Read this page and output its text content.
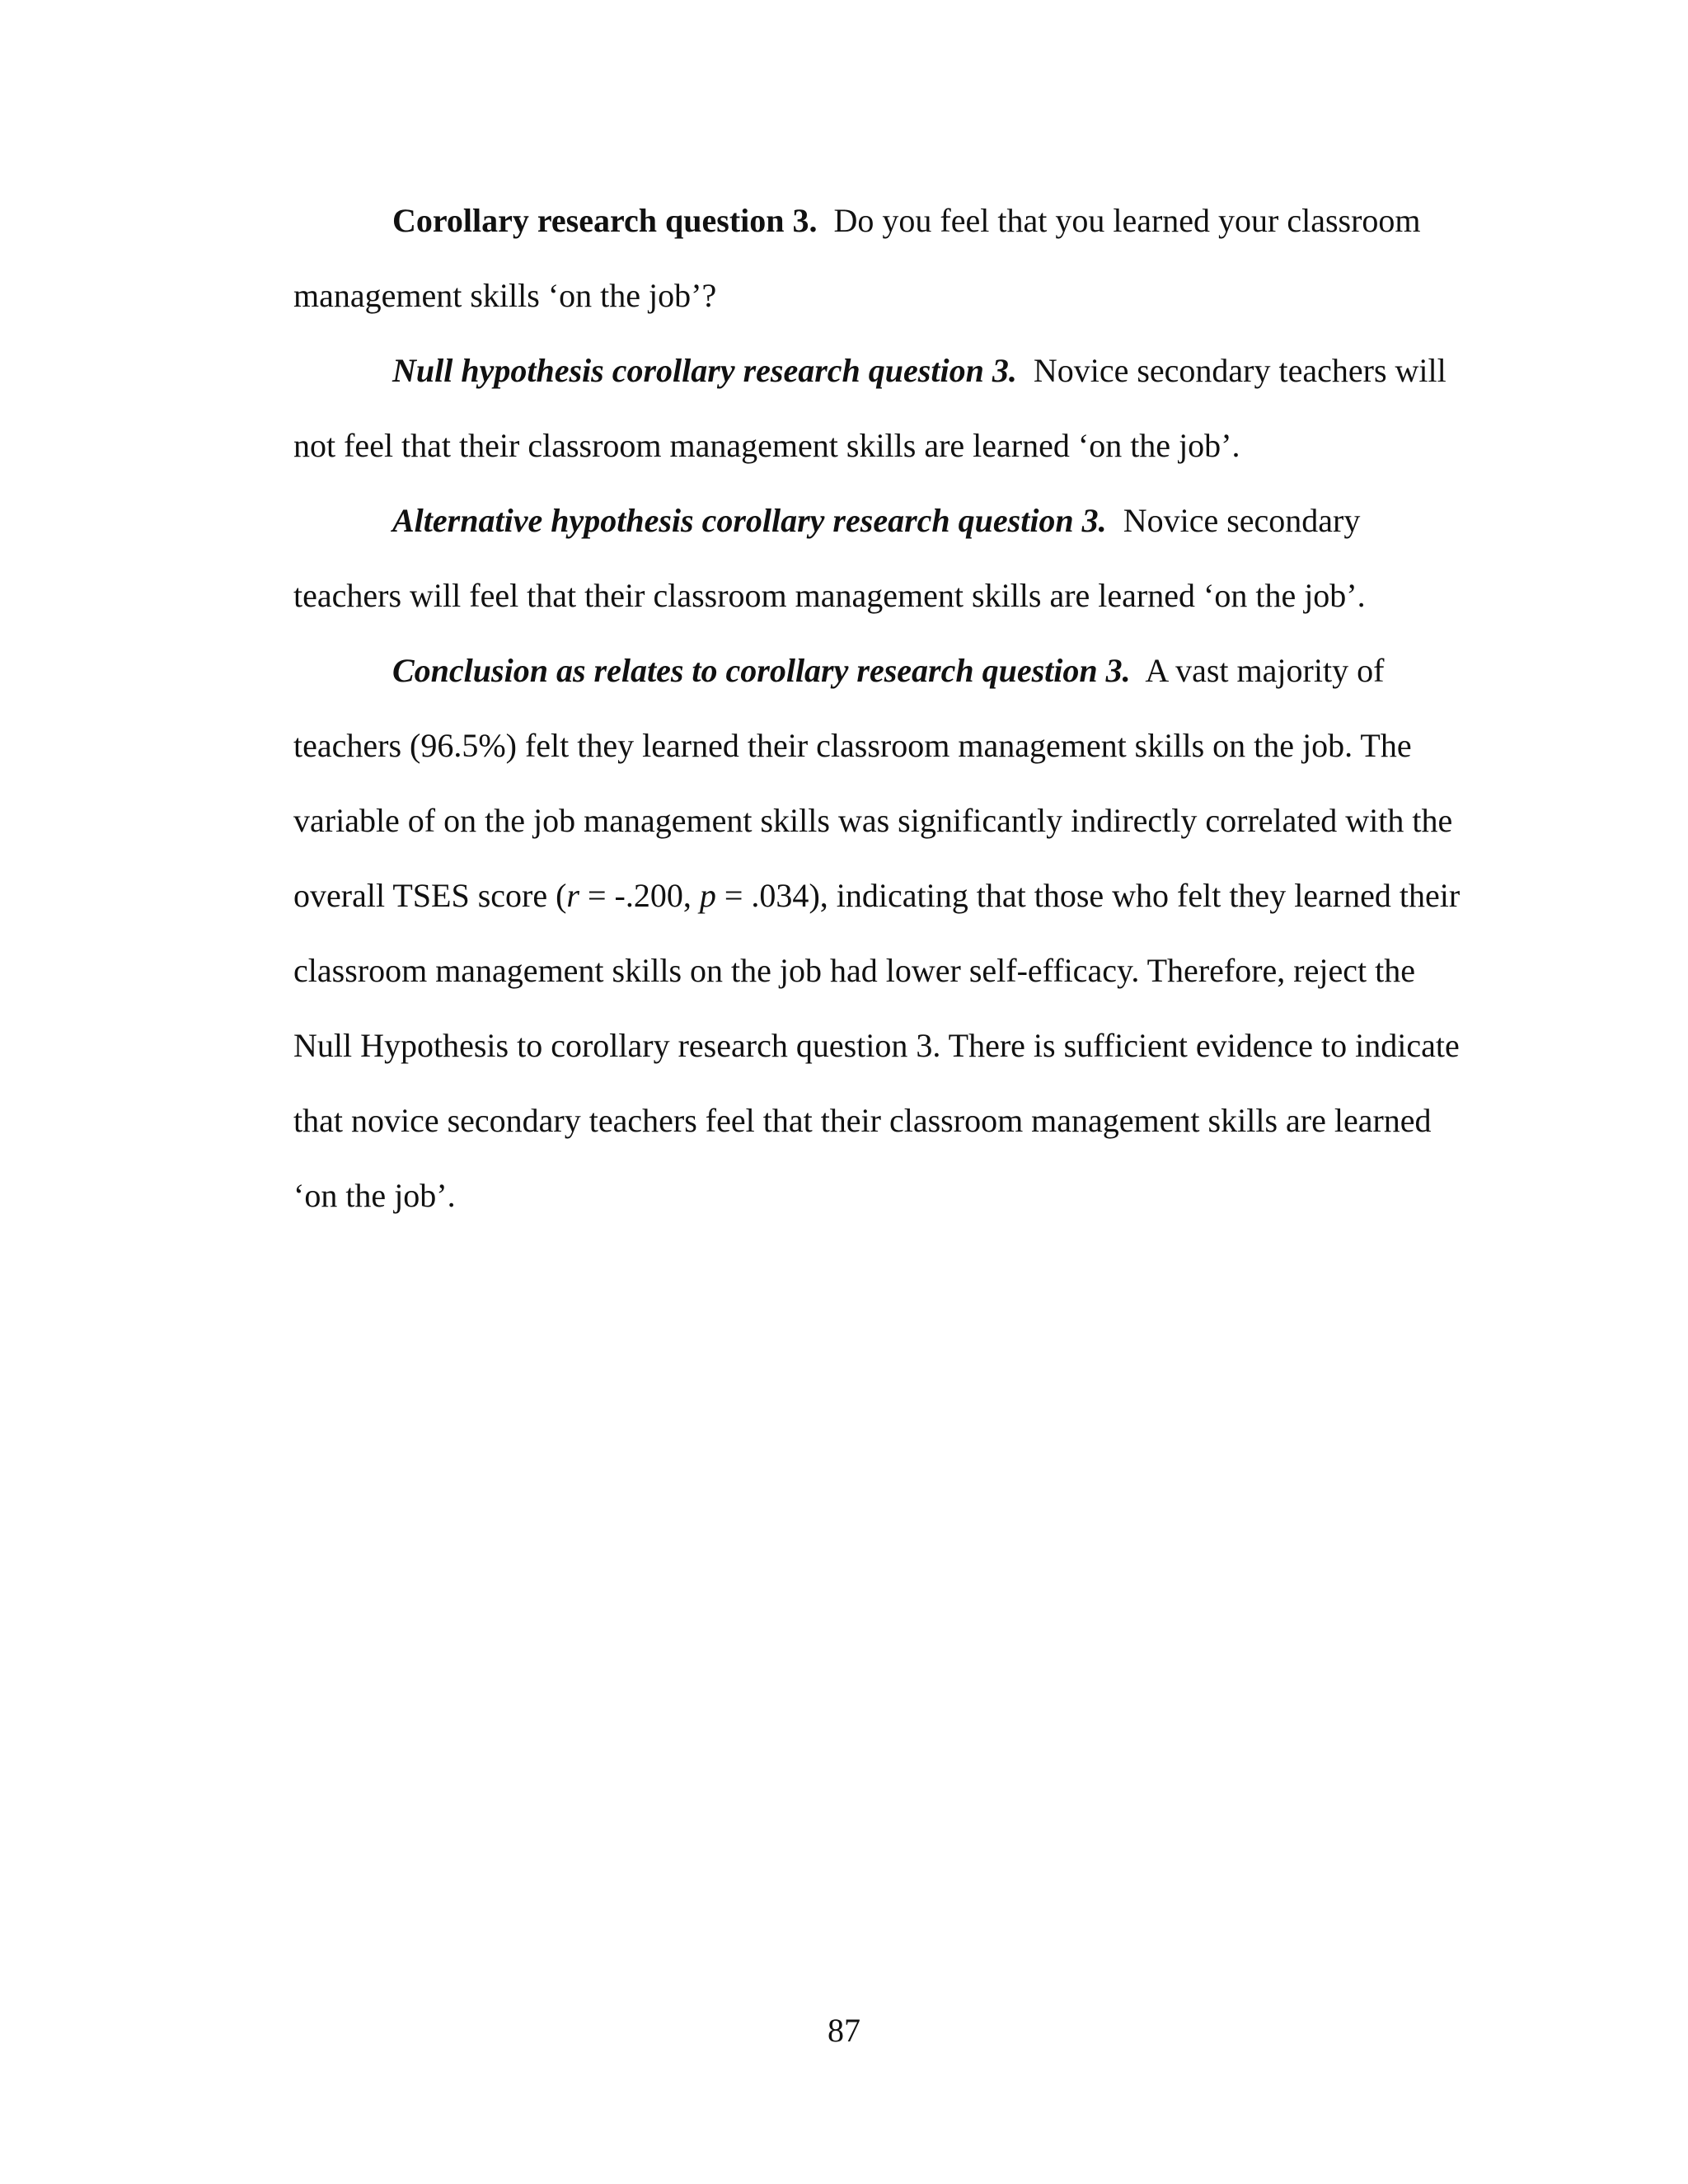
Corollary research question 3. Do you feel that you learned your classroom management skills ‘on the job’?

Null hypothesis corollary research question 3. Novice secondary teachers will not feel that their classroom management skills are learned ‘on the job’.

Alternative hypothesis corollary research question 3. Novice secondary teachers will feel that their classroom management skills are learned ‘on the job’.

Conclusion as relates to corollary research question 3. A vast majority of teachers (96.5%) felt they learned their classroom management skills on the job. The variable of on the job management skills was significantly indirectly correlated with the overall TSES score (r = -.200, p = .034), indicating that those who felt they learned their classroom management skills on the job had lower self-efficacy. Therefore, reject the Null Hypothesis to corollary research question 3. There is sufficient evidence to indicate that novice secondary teachers feel that their classroom management skills are learned ‘on the job’.

87
